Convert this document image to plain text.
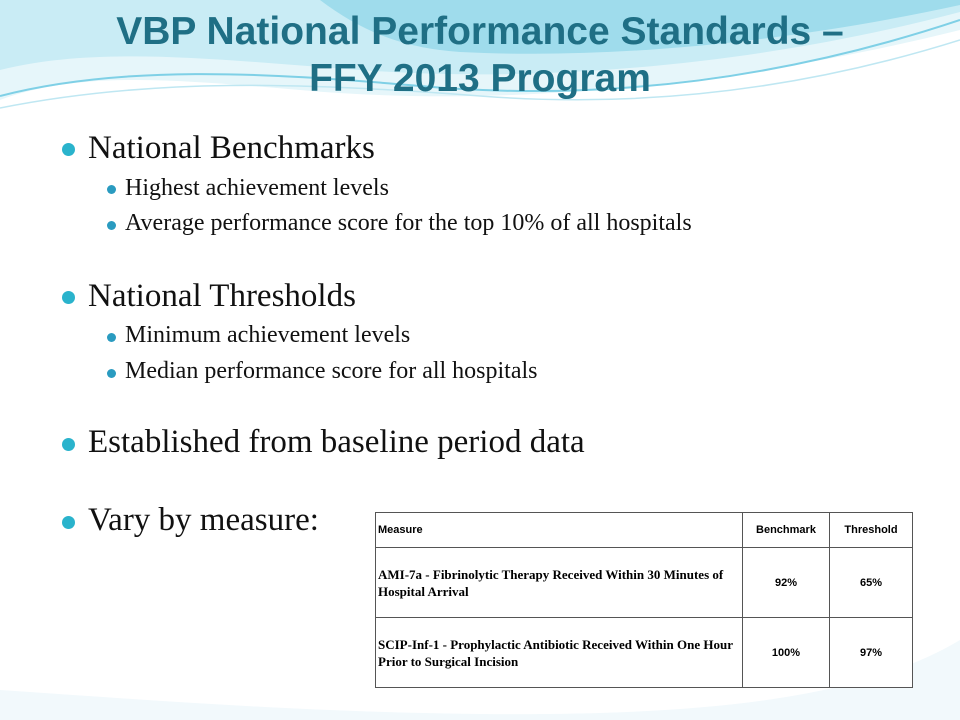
VBP National Performance Standards –
FFY 2013 Program
National Benchmarks
Highest achievement levels
Average performance score for the top 10% of all hospitals
National Thresholds
Minimum achievement levels
Median performance score for all hospitals
Established from baseline period data
Vary by measure:	Measure	Benchmark	Threshold
AMI-7a - Fibrinolytic Therapy Received Within 30 Minutes of Hospital Arrival	92%	65%
SCIP-Inf-1 - Prophylactic Antibiotic Received Within One Hour Prior to Surgical Incision	100%	97%
